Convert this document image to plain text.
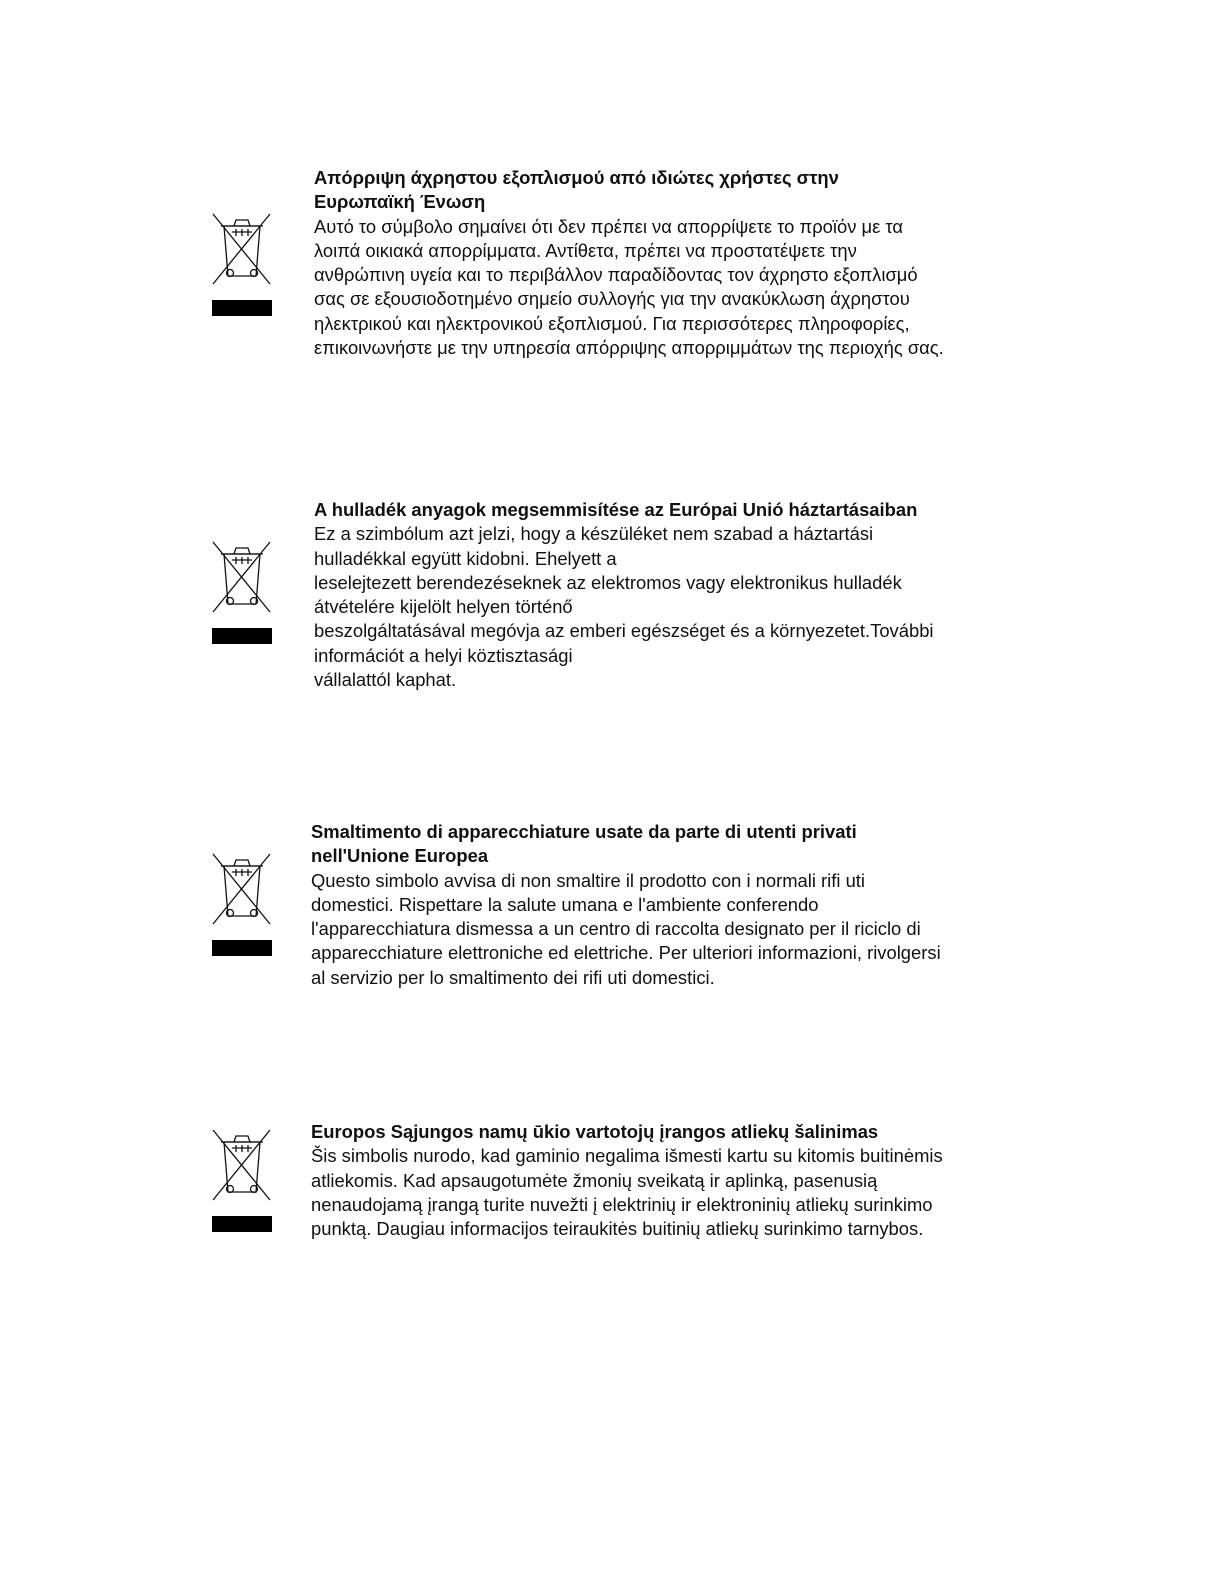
Απόρριψη άχρηστου εξοπλισμού από ιδιώτες χρήστες στην
Ευρωπαϊκή Ένωση
Αυτό το σύμβολο σημαίνει ότι δεν πρέπει να απορρίψετε το προϊόν με τα
λοιπά οικιακά απορρίμματα. Αντίθετα, πρέπει να προστατέψετε την
ανθρώπινη υγεία και το περιβάλλον παραδίδοντας τον άχρηστο εξοπλισμό
σας σε εξουσιοδοτημένο σημείο συλλογής για την ανακύκλωση άχρηστου
ηλεκτρικού και ηλεκτρονικού εξοπλισμού. Για περισσότερες πληροφορίες,
επικοινωνήστε με την υπηρεσία απόρριψης απορριμμάτων της περιοχής σας.
A hulladék anyagok megsemmisítése az Európai Unió háztartásaiban
Ez a szimbólum azt jelzi, hogy a készüléket nem szabad a háztartási
hulladékkal együtt kidobni. Ehelyett a
leselejtezett berendezéseknek az elektromos vagy elektronikus hulladék
átvételére kijelölt helyen történő
beszolgáltatásával megóvja az emberi egészséget és a környezetet.További
információt a helyi köztisztasági
vállalattól kaphat.
Smaltimento di apparecchiature usate da parte di utenti privati
nell'Unione Europea
Questo simbolo avvisa di non smaltire il prodotto con i normali rifi uti
domestici. Rispettare la salute umana e l'ambiente conferendo
l'apparecchiatura dismessa a un centro di raccolta designato per il riciclo di
apparecchiature elettroniche ed elettriche. Per ulteriori informazioni, rivolgersi
al servizio per lo smaltimento dei rifi uti domestici.
Europos Sąjungos namų ūkio vartotojų įrangos atliekų šalinimas
Šis simbolis nurodo, kad gaminio negalima išmesti kartu su kitomis buitinėmis
atliekomis. Kad apsaugotumėte žmonių sveikatą ir aplinką, pasenusią
nenaudojamą įrangą turite nuvežti į elektrinių ir elektroninių atliekų surinkimo
punktą. Daugiau informacijos teiraukitės buitinių atliekų surinkimo tarnybos.
